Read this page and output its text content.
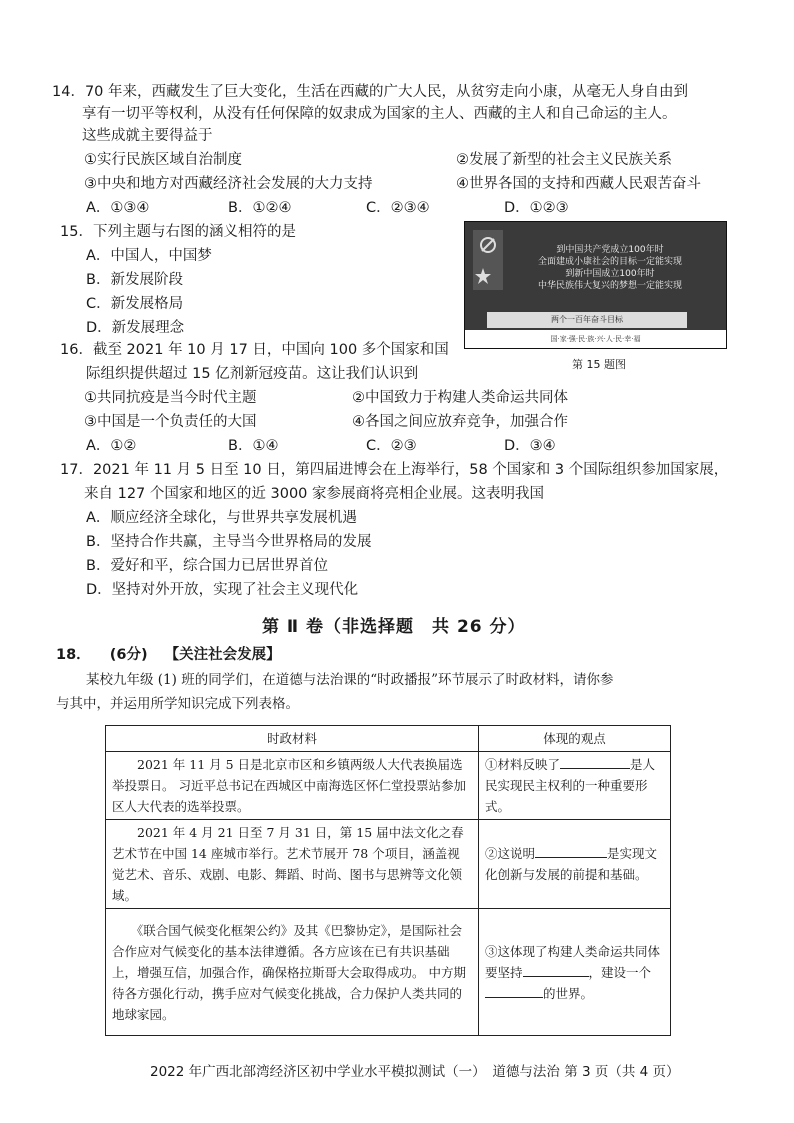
14．70 年来，西藏发生了巨大变化，生活在西藏的广大人民，从贫穷走向小康，从毫无人身自由到
享有一切平等权利，从没有任何保障的奴隶成为国家的主人、西藏的主人和自己命运的主人。
这些成就主要得益于
①实行民族区域自治制度	②发展了新型的社会主义民族关系
③中央和地方对西藏经济社会发展的大力支持	④世界各国的支持和西藏人民艰苦奋斗
A．①③④	B．①②④	C．②③④	D．①②③
15．下列主题与右图的涵义相符的是
A．中国人，中国梦
B．新发展阶段
C．新发展格局
D．新发展理念
到中国共产党成立100年时
全面建成小康社会的目标一定能实现
到新中国成立100年时
中华民族伟大复兴的梦想一定能实现
两个一百年奋斗目标
国·家·强·民·族·兴·人·民·幸·福
第 15 题图
16．截至 2021 年 10 月 17 日，中国向 100 多个国家和国
际组织提供超过 15 亿剂新冠疫苗。这让我们认识到
①共同抗疫是当今时代主题	②中国致力于构建人类命运共同体
③中国是一个负责任的大国	④各国之间应放弃竞争，加强合作
A．①②	B．①④	C．②③	D．③④
17．2021 年 11 月 5 日至 10 日，第四届进博会在上海举行，58 个国家和 3 个国际组织参加国家展，
来自 127 个国家和地区的近 3000 家参展商将亮相企业展。这表明我国
A．顺应经济全球化，与世界共享发展机遇
B．坚持合作共赢，主导当今世界格局的发展
B．爱好和平，综合国力已居世界首位
D．坚持对外开放，实现了社会主义现代化
第 Ⅱ 卷（非选择题　共 26 分）
18． (6分) 【关注社会发展】
某校九年级 (1) 班的同学们，在道德与法治课的“时政播报”环节展示了时政材料，请你参
与其中，并运用所学知识完成下列表格。
时政材料	体现的观点
　　2021 年 11 月 5 日是北京市区和乡镇两级人大代表换届选举投票日。 习近平总书记在西城区中南海选区怀仁堂投票站参加区人大代表的选举投票。	①材料反映了 是人民实现民主权利的一种重要形式。
　　2021 年 4 月 21 日至 7 月 31 日，第 15 届中法文化之春艺术节在中国 14 座城市举行。艺术节展开 78 个项目，涵盖视觉艺术、音乐、戏剧、电影、舞蹈、时尚、图书与思辨等文化领域。	②这说明 是实现文化创新与发展的前提和基础。
　　《联合国气候变化框架公约》及其《巴黎协定》，是国际社会合作应对气候变化的基本法律遵循。各方应该在已有共识基础上，增强互信，加强合作，确保格拉斯哥大会取得成功。 中方期待各方强化行动，携手应对气候变化挑战，合力保护人类共同的地球家园。	③这体现了构建人类命运共同体要坚持 ，建设一个的世界。
2022 年广西北部湾经济区初中学业水平模拟测试（一）　道德与法治 第 3 页（共 4 页）
